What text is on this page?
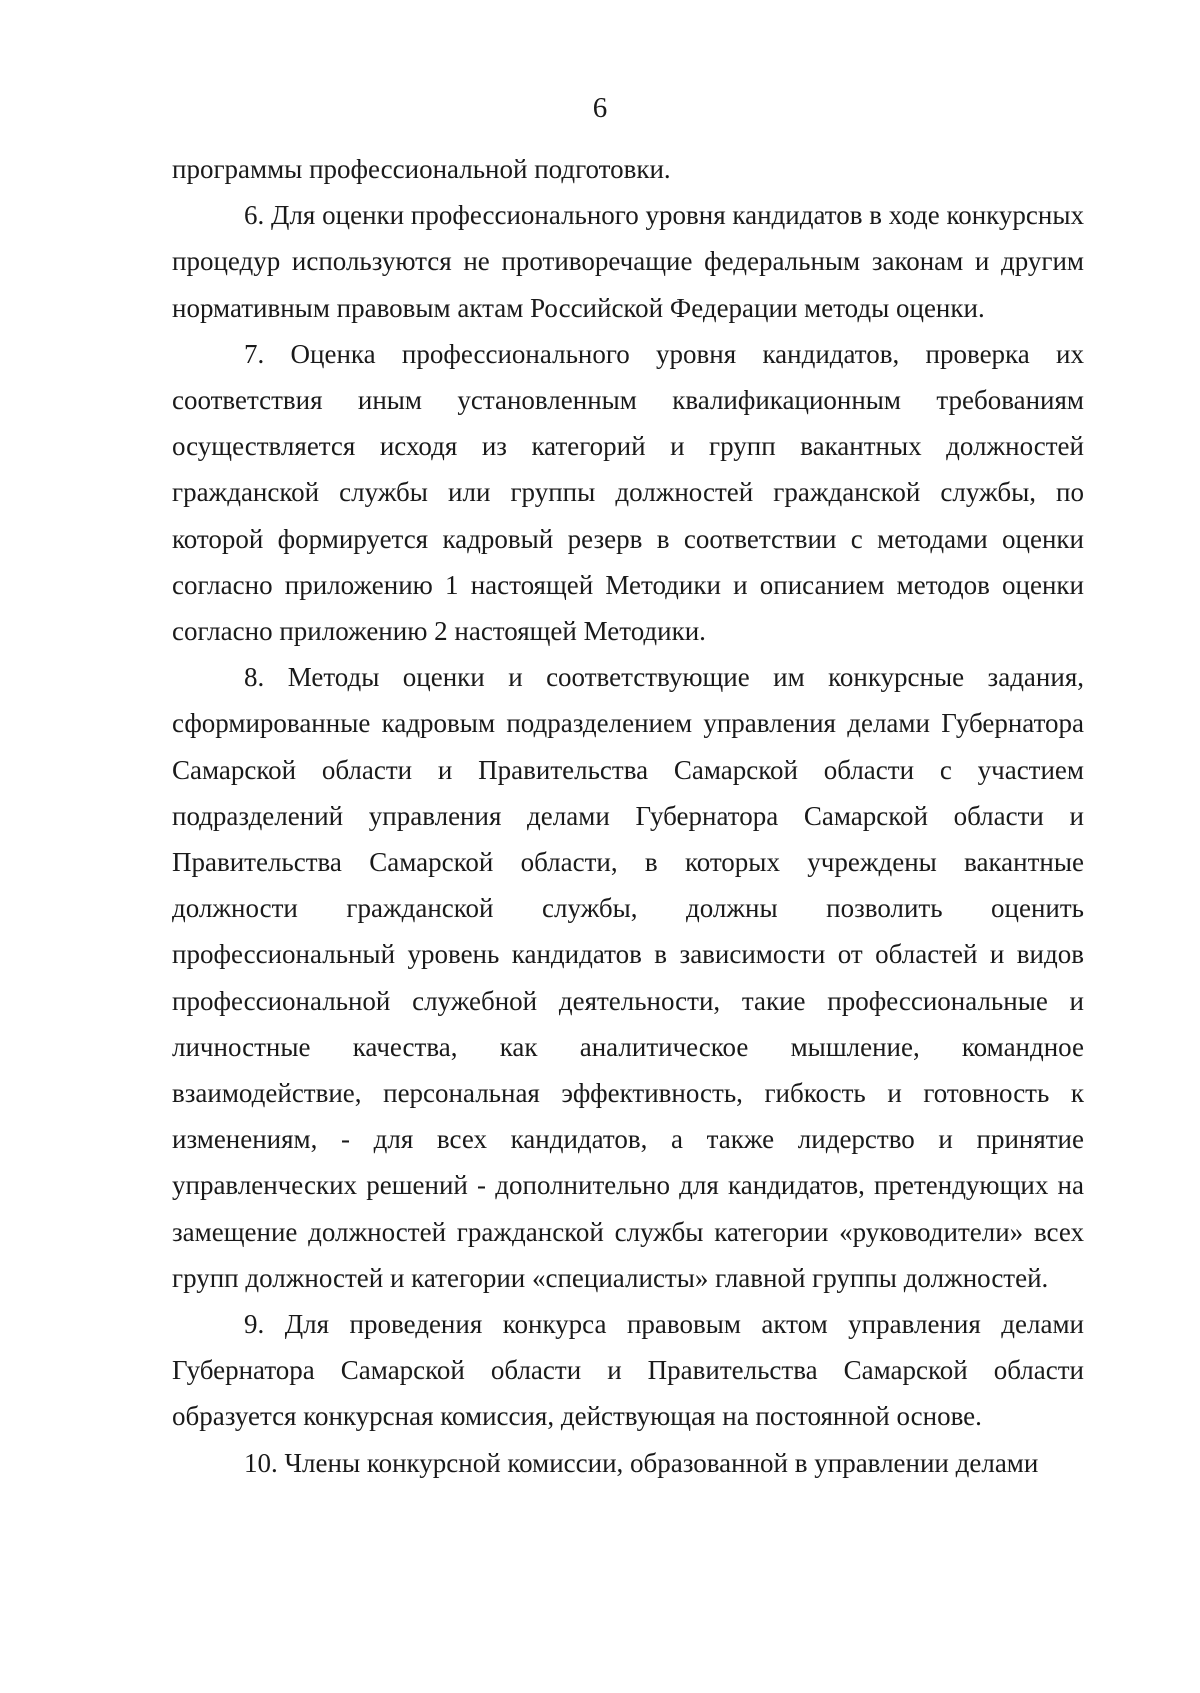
6

программы профессиональной подготовки.

6. Для оценки профессионального уровня кандидатов в ходе конкурсных процедур используются не противоречащие федеральным законам и другим нормативным правовым актам Российской Федерации методы оценки.

7. Оценка профессионального уровня кандидатов, проверка их соответствия иным установленным квалификационным требованиям осуществляется исходя из категорий и групп вакантных должностей гражданской службы или группы должностей гражданской службы, по которой формируется кадровый резерв в соответствии с методами оценки согласно приложению 1 настоящей Методики и описанием методов оценки согласно приложению 2 настоящей Методики.

8. Методы оценки и соответствующие им конкурсные задания, сформированные кадровым подразделением управления делами Губернатора Самарской области и Правительства Самарской области с участием подразделений управления делами Губернатора Самарской области и Правительства Самарской области, в которых учреждены вакантные должности гражданской службы, должны позволить оценить профессиональный уровень кандидатов в зависимости от областей и видов профессиональной служебной деятельности, такие профессиональные и личностные качества, как аналитическое мышление, командное взаимодействие, персональная эффективность, гибкость и готовность к изменениям, - для всех кандидатов, а также лидерство и принятие управленческих решений - дополнительно для кандидатов, претендующих на замещение должностей гражданской службы категории «руководители» всех групп должностей и категории «специалисты» главной группы должностей.

9. Для проведения конкурса правовым актом управления делами Губернатора Самарской области и Правительства Самарской области образуется конкурсная комиссия, действующая на постоянной основе.

10. Члены конкурсной комиссии, образованной в управлении делами
